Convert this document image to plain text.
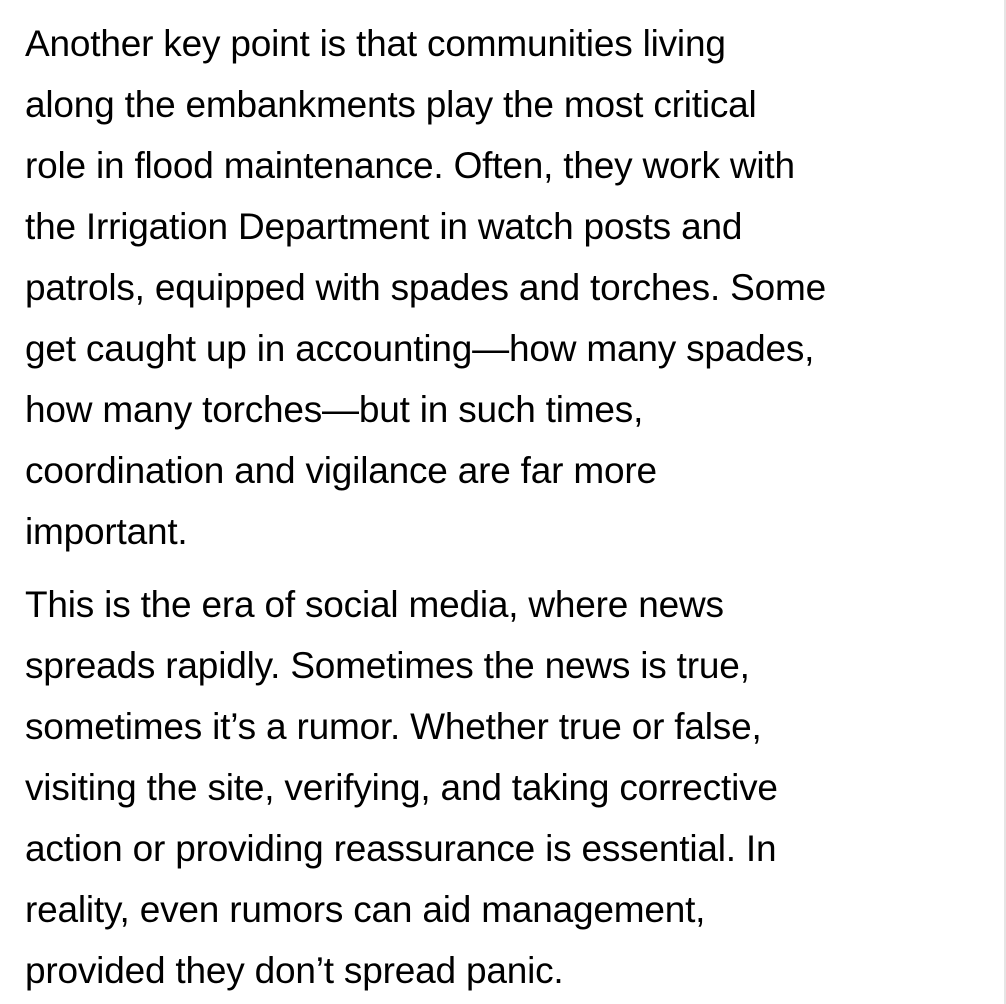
Another key point is that communities living
along the embankments play the most critical
role in flood maintenance. Often, they work with
the Irrigation Department in watch posts and
patrols, equipped with spades and torches. Some
get caught up in accounting—how many spades,
how many torches—but in such times,
coordination and vigilance are far more
important.

This is the era of social media, where news
spreads rapidly. Sometimes the news is true,
sometimes it’s a rumor. Whether true or false,
visiting the site, verifying, and taking corrective
action or providing reassurance is essential. In
reality, even rumors can aid management,
provided they don’t spread panic.
